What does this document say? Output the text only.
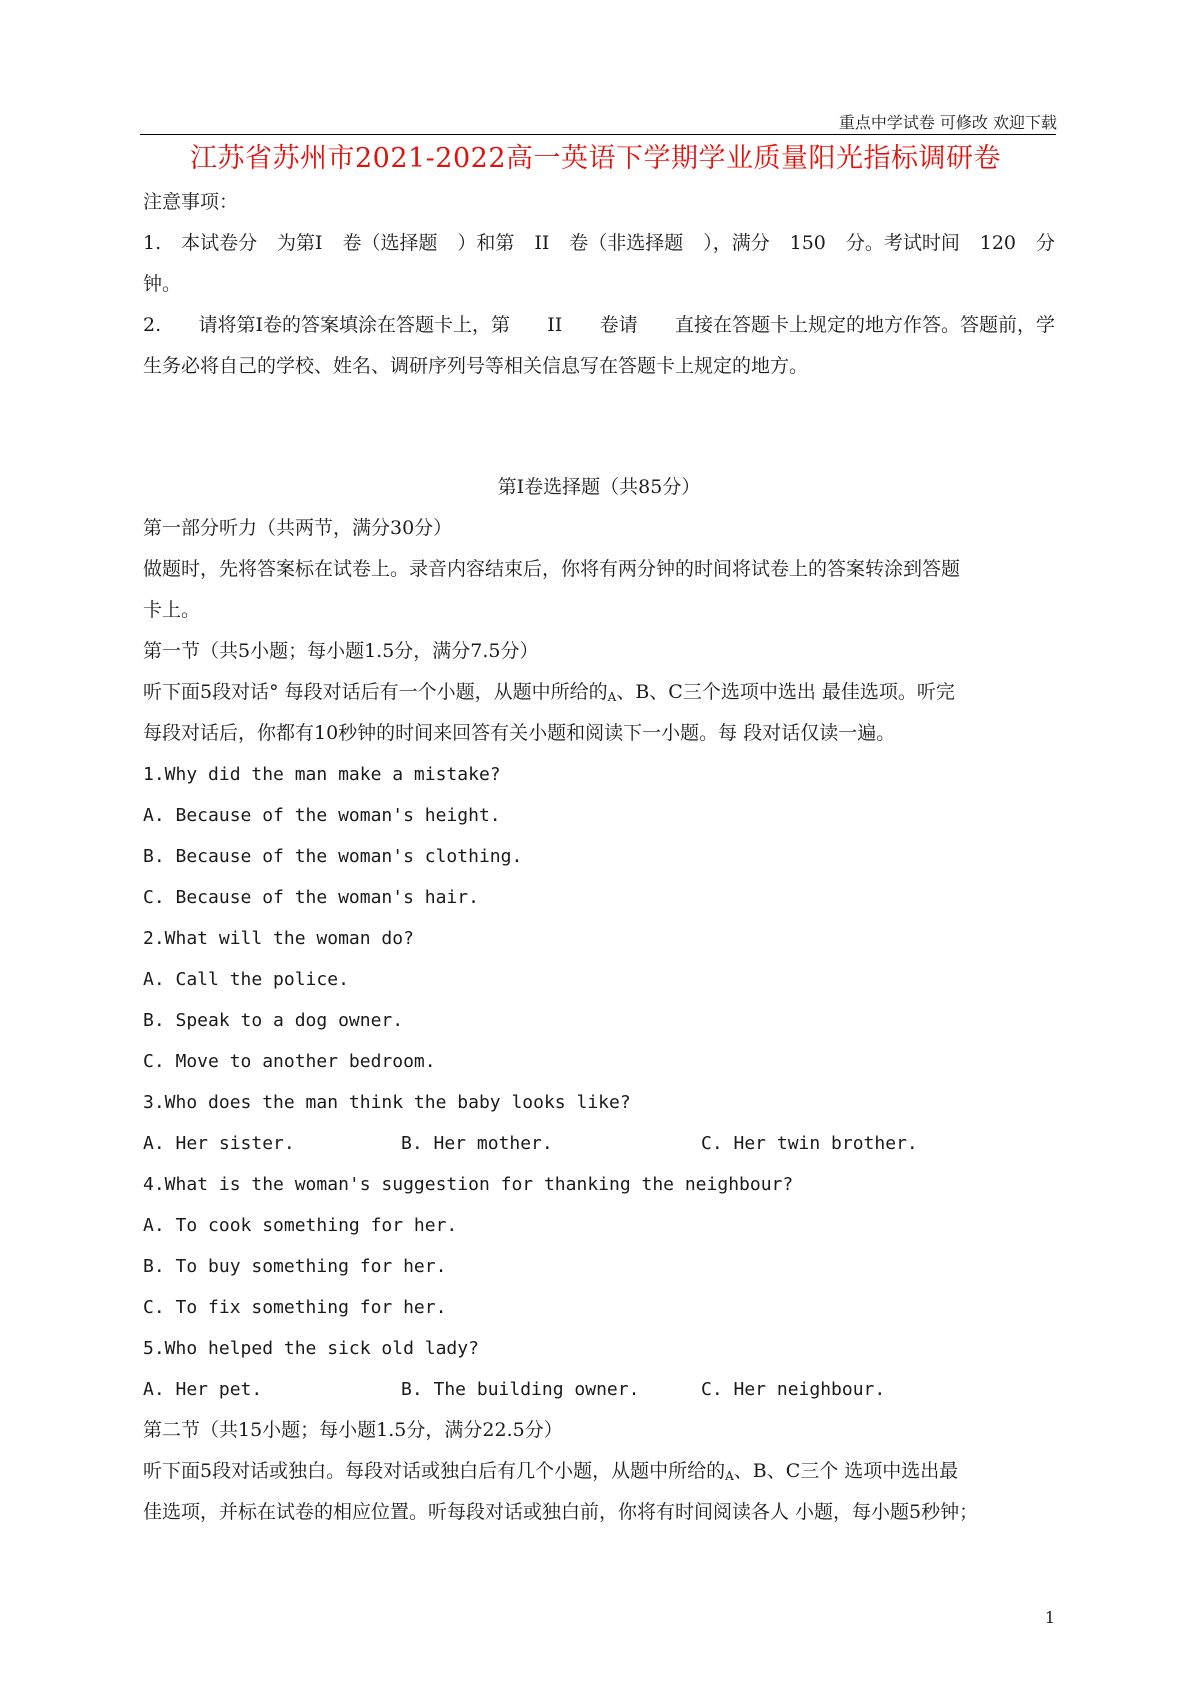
重点中学试卷 可修改 欢迎下载
江苏省苏州市2021-2022高一英语下学期学业质量阳光指标调研卷
注意事项：
1. 本试卷分 为第Ⅰ 卷（选择题 ）和第 II 卷（非选择题 ），满分 150 分。考试时间 120 分
钟。
2. 请将第Ⅰ卷的答案填涂在答题卡上，第 II 卷请 直接在答题卡上规定的地方作答。答题前，学
生务必将自己的学校、姓名、调研序列号等相关信息写在答题卡上规定的地方。
第Ⅰ卷选择题（共85分）
第一部分听力（共两节，满分30分）
做题时，先将答案标在试卷上。录音内容结束后，你将有两分钟的时间将试卷上的答案转涂到答题
卡上。
第一节（共5小题；每小题1.5分，满分7.5分）
听下面5段对话° 每段对话后有一个小题，从题中所给的$_A$、B、C三个选项中选出 最佳选项。听完
每段对话后，你都有10秒钟的时间来回答有关小题和阅读下一小题。每 段对话仅读一遍。
1.Why did the man make a mistake?
A. Because of the woman's height.
B. Because of the woman's clothing.
C. Because of the woman's hair.
2.What will the woman do?
A. Call the police.
B. Speak to a dog owner.
C. Move to another bedroom.
3.Who does the man think the baby looks like?
A. Her sister.	B. Her mother.	C. Her twin brother.
4.What is the woman's suggestion for thanking the neighbour?
A. To cook something for her.
B. To buy something for her.
C. To fix something for her.
5.Who helped the sick old lady?
A. Her pet.	B. The building owner.	C. Her neighbour.
第二节（共15小题；每小题1.5分，满分22.5分）
听下面5段对话或独白。每段对话或独白后有几个小题，从题中所给的$_A$、B、C三个 选项中选出最
佳选项，并标在试卷的相应位置。听每段对话或独白前，你将有时间阅读各人 小题，每小题5秒钟；
1
